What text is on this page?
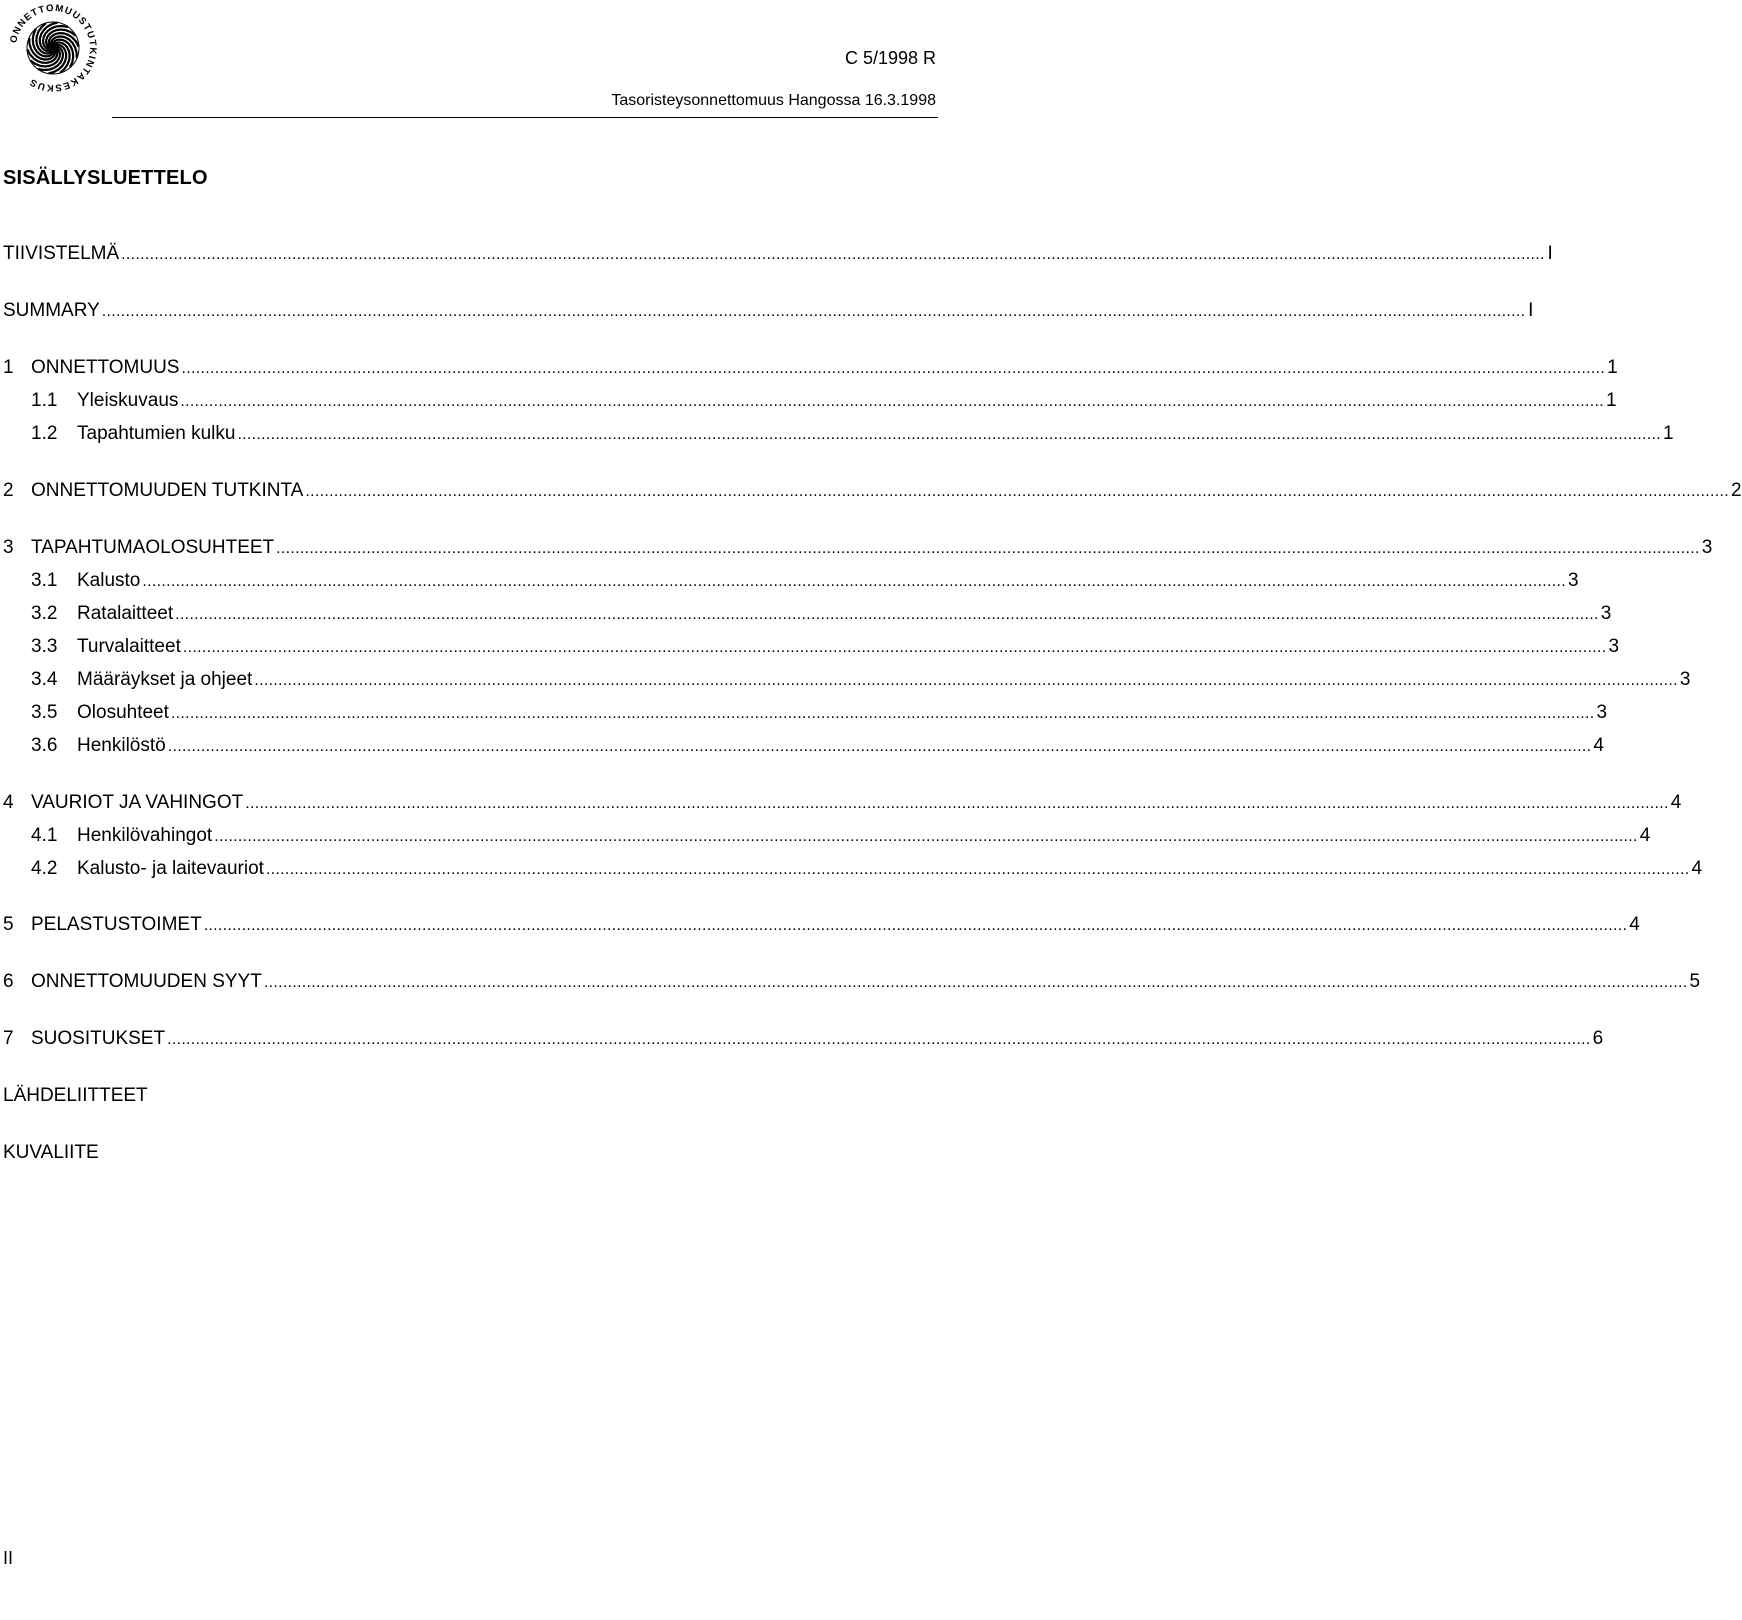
ONNETTOMUUSTUTKINTAKESKUS
C 5/1998 R
Tasoristeysonnettomuus Hangossa 16.3.1998
SISÄLLYSLUETTELO
TIIVISTELMÄ ............................................................................................................................................................................................................................................................................................................ I
SUMMARY ............................................................................................................................................................................................................................................................................................................ I
1 ONNETTOMUUS ............................................................................................................................................................................................................................................................................................................ 1
1.1	Yleiskuvaus ............................................................................................................................................................................................................................................................................................................ 1
1.2	Tapahtumien kulku ............................................................................................................................................................................................................................................................................................................ 1
2 ONNETTOMUUDEN TUTKINTA ............................................................................................................................................................................................................................................................................................................ 2
3 TAPAHTUMAOLOSUHTEET ............................................................................................................................................................................................................................................................................................................ 3
3.1	Kalusto ............................................................................................................................................................................................................................................................................................................ 3
3.2	Ratalaitteet ............................................................................................................................................................................................................................................................................................................ 3
3.3	Turvalaitteet ............................................................................................................................................................................................................................................................................................................ 3
3.4	Määräykset ja ohjeet ............................................................................................................................................................................................................................................................................................................ 3
3.5	Olosuhteet ............................................................................................................................................................................................................................................................................................................ 3
3.6	Henkilöstö ............................................................................................................................................................................................................................................................................................................ 4
4 VAURIOT JA VAHINGOT ............................................................................................................................................................................................................................................................................................................ 4
4.1	Henkilövahingot ............................................................................................................................................................................................................................................................................................................ 4
4.2	Kalusto- ja laitevauriot ............................................................................................................................................................................................................................................................................................................ 4
5 PELASTUSTOIMET ............................................................................................................................................................................................................................................................................................................ 4
6 ONNETTOMUUDEN SYYT ............................................................................................................................................................................................................................................................................................................ 5
7 SUOSITUKSET ............................................................................................................................................................................................................................................................................................................ 6
LÄHDELIITTEET
KUVALIITE
II
